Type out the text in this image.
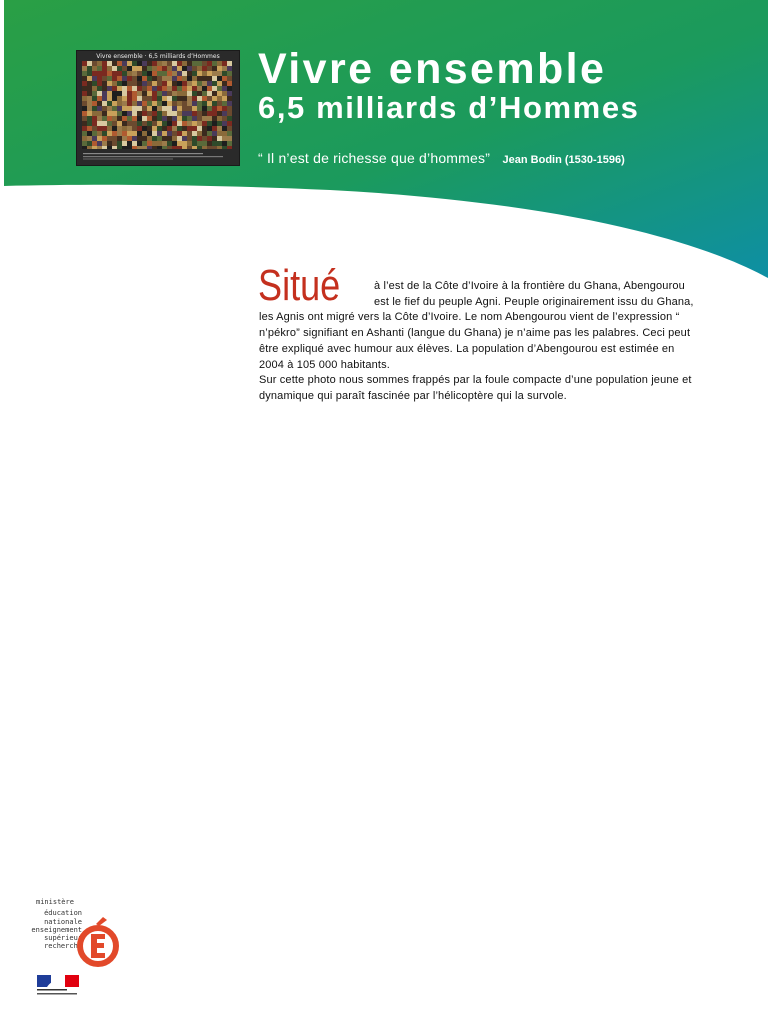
Vivre ensemble · 6,5 milliards d’Hommes Vivre ensemble
6,5 milliards d’Hommes
“ Il n’est de richesse que d’hommes” Jean Bodin (1530-1596)
Situé	à l’est de la Côte d’Ivoire à la frontière du Ghana, Abengourou est le fief du peuple Agni. Peuple originairement issu du Ghana, les Agnis ont migré vers la Côte d’Ivoire. Le nom Abengourou vient de l’expression “ n’pékro” signifiant en Ashanti (langue du Ghana) je n’aime pas les palabres. Ceci peut être expliqué avec humour aux élèves. La population d’Abengourou est estimée en 2004 à 105 000 habitants.

Sur cette photo nous sommes frappés par la foule compacte d’une population jeune et dynamique qui paraît fascinée par l’hélicoptère qui la survole.

ministère
éducation
nationale
enseignement
supérieur
recherche
